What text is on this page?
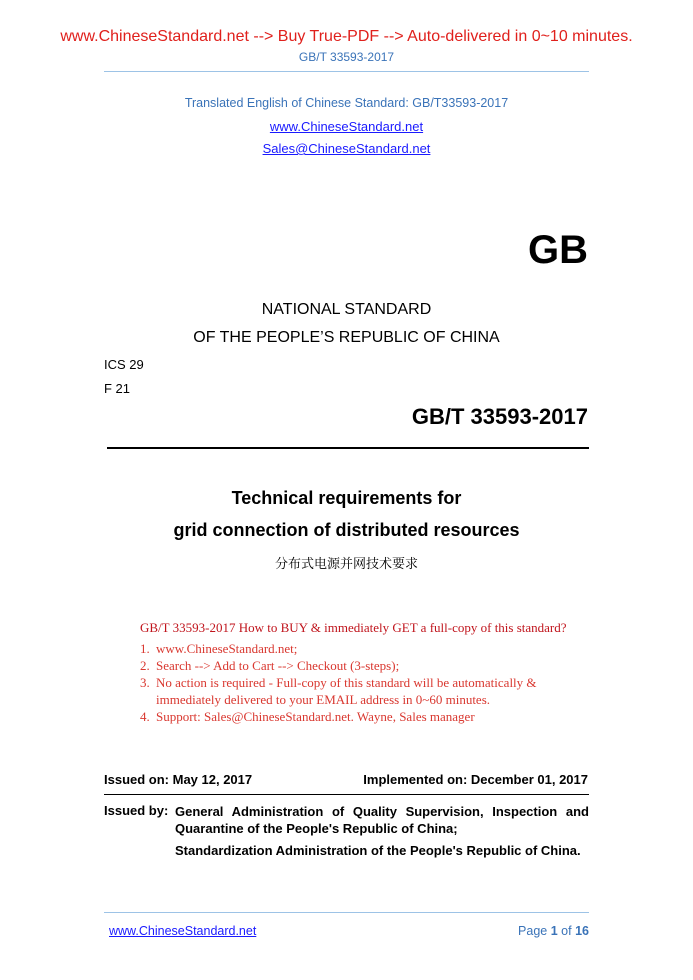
www.ChineseStandard.net --> Buy True-PDF --> Auto-delivered in 0~10 minutes.
GB/T 33593-2017
Translated English of Chinese Standard: GB/T33593-2017
www.ChineseStandard.net
Sales@ChineseStandard.net
GB
NATIONAL STANDARD
OF THE PEOPLE’S REPUBLIC OF CHINA
ICS 29
F 21
GB/T 33593-2017
Technical requirements for
grid connection of distributed resources
分布式电源并网技术要求
GB/T 33593-2017 How to BUY & immediately GET a full-copy of this standard?
1. www.ChineseStandard.net;
2. Search --> Add to Cart --> Checkout (3-steps);
3. No action is required - Full-copy of this standard will be automatically & immediately delivered to your EMAIL address in 0~60 minutes.
4. Support: Sales@ChineseStandard.net. Wayne, Sales manager
Issued on: May 12, 2017	Implemented on: December 01, 2017
Issued by: General Administration of Quality Supervision, Inspection and Quarantine of the People's Republic of China;
Standardization Administration of the People's Republic of China.
www.ChineseStandard.net	Page 1 of 16
